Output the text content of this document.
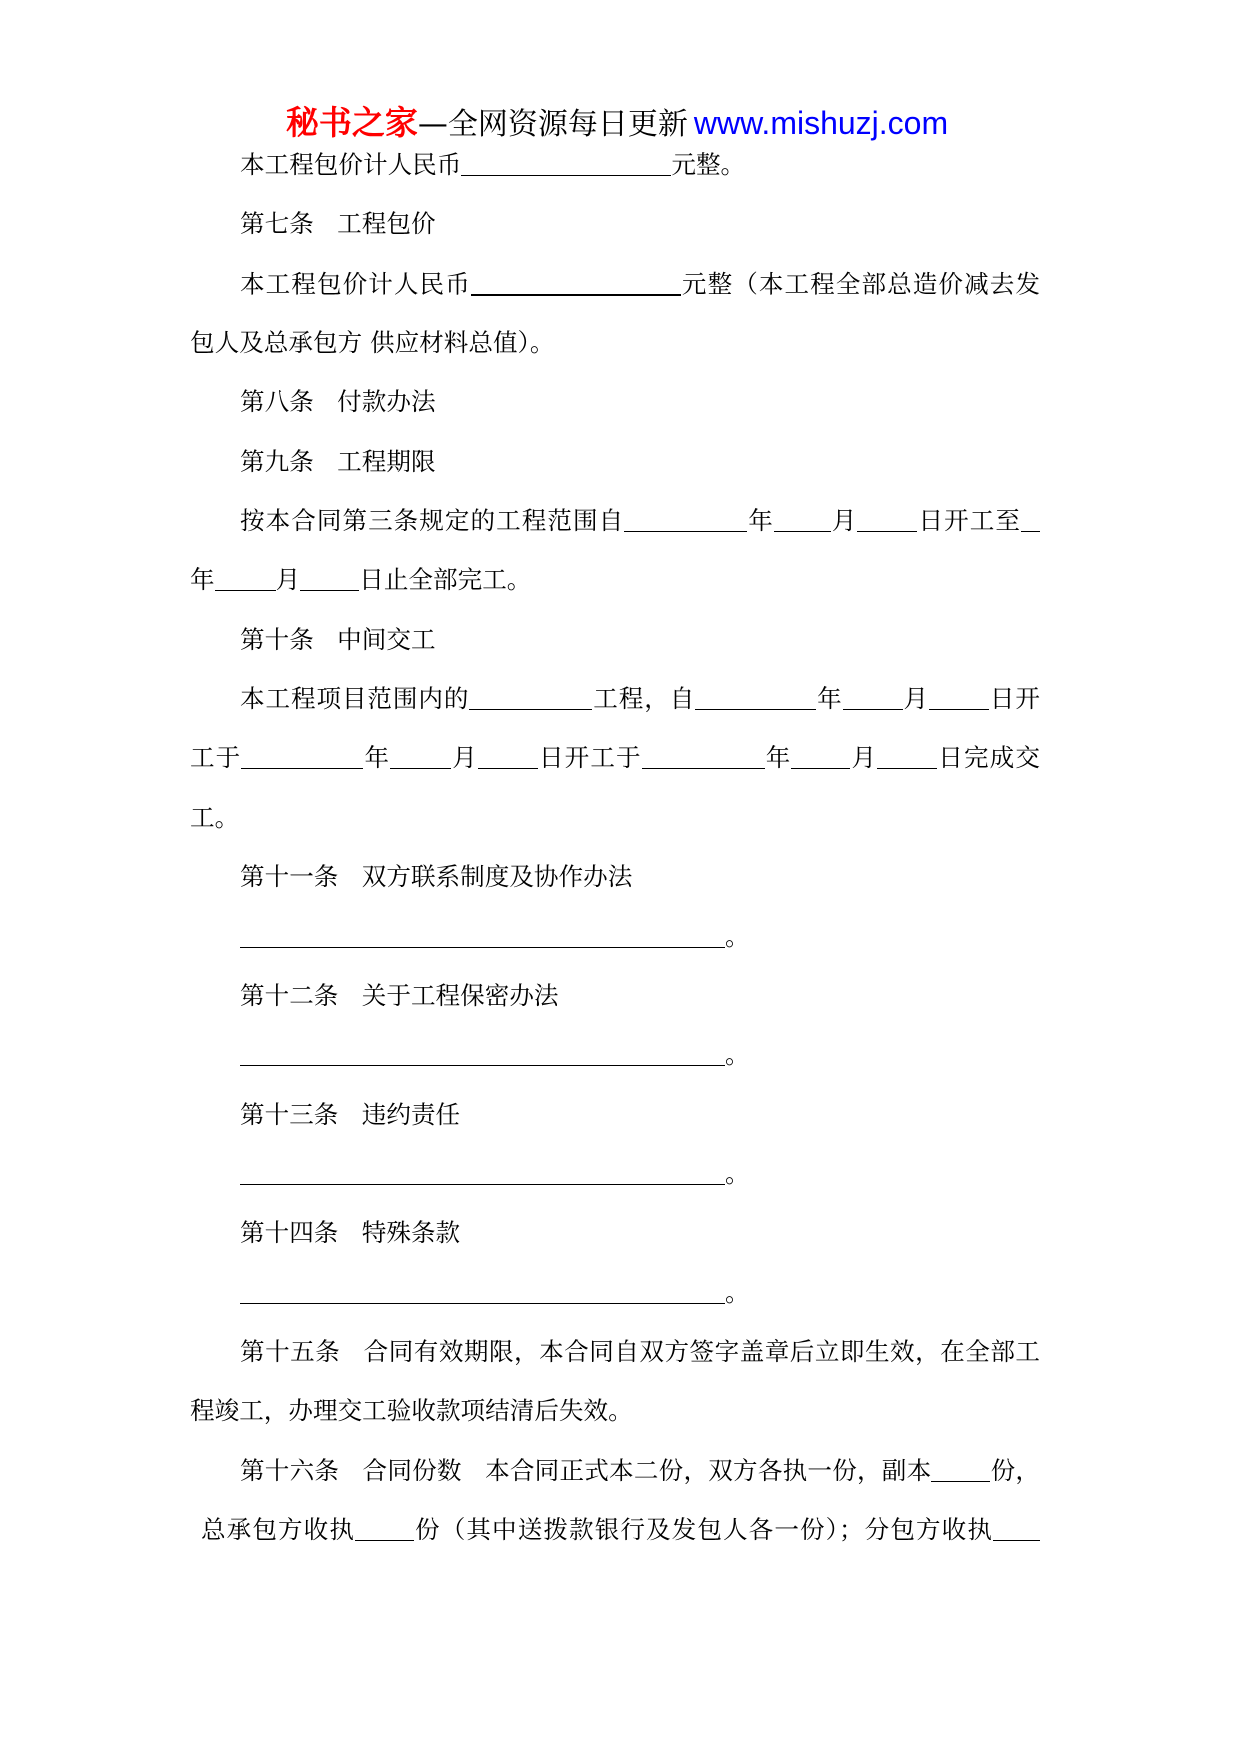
秘书之家—全网资源每日更新 www.mishuzj.com
本工程包价计人民币	元整。
第七条 工程包价
本工程包价计人民币	元整（本工程全部总造价减去发
包人及总承包方 供应材料总值）。
第八条 付款办法
第九条 工程期限
按本合同第三条规定的工程范围自	年 月 日开工至
年 月 日止全部完工。
第十条 中间交工
本工程项目范围内的	工程，自	年 月 日开
工于	年 月 日开工于	年 月 日完成交
工。
第十一条 双方联系制度及协作办法
。
第十二条 关于工程保密办法
。
第十三条 违约责任
。
第十四条 特殊条款
。
第十五条 合同有效期限，本合同自双方签字盖章后立即生效，在全部工
程竣工，办理交工验收款项结清后失效。
第十六条 合同份数 本合同正式本二份，双方各执一份，副本 份，
总承包方收执 份（其中送拨款银行及发包人各一份）；分包方收执
